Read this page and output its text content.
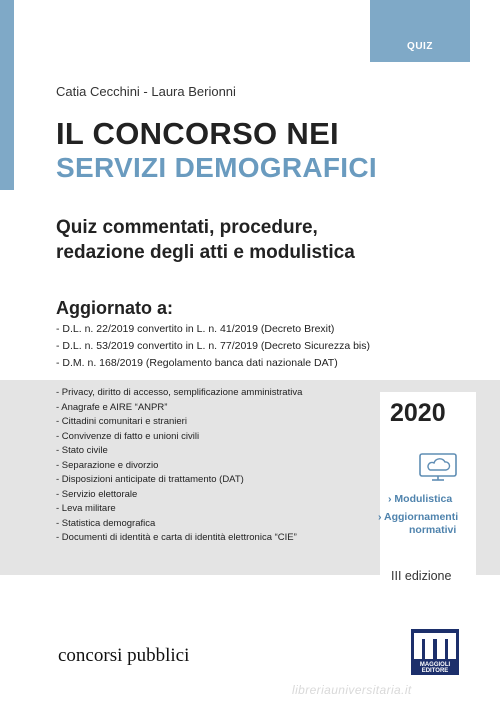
QUIZ
Catia Cecchini - Laura Berionni
IL CONCORSO NEI
SERVIZI DEMOGRAFICI
Quiz commentati, procedure,
redazione degli atti e modulistica
Aggiornato a:
- D.L. n. 22/2019 convertito in L. n. 41/2019 (Decreto Brexit)
- D.L. n. 53/2019 convertito in L. n. 77/2019 (Decreto Sicurezza bis)
- D.M. n. 168/2019 (Regolamento banca dati nazionale DAT)
- Privacy, diritto di accesso, semplificazione amministrativa
- Anagrafe e AIRE “ANPR”
- Cittadini comunitari e stranieri
- Convivenze di fatto e unioni civili
- Stato civile
- Separazione e divorzio
- Disposizioni anticipate di trattamento (DAT)
- Servizio elettorale
- Leva militare
- Statistica demografica
- Documenti di identità e carta di identità elettronica “CIE”
2020
› Modulistica
› Aggiornamenti
normativi
III edizione
concorsi pubblici	MAGGIOLI EDITORE
libreriauniversitaria.it
